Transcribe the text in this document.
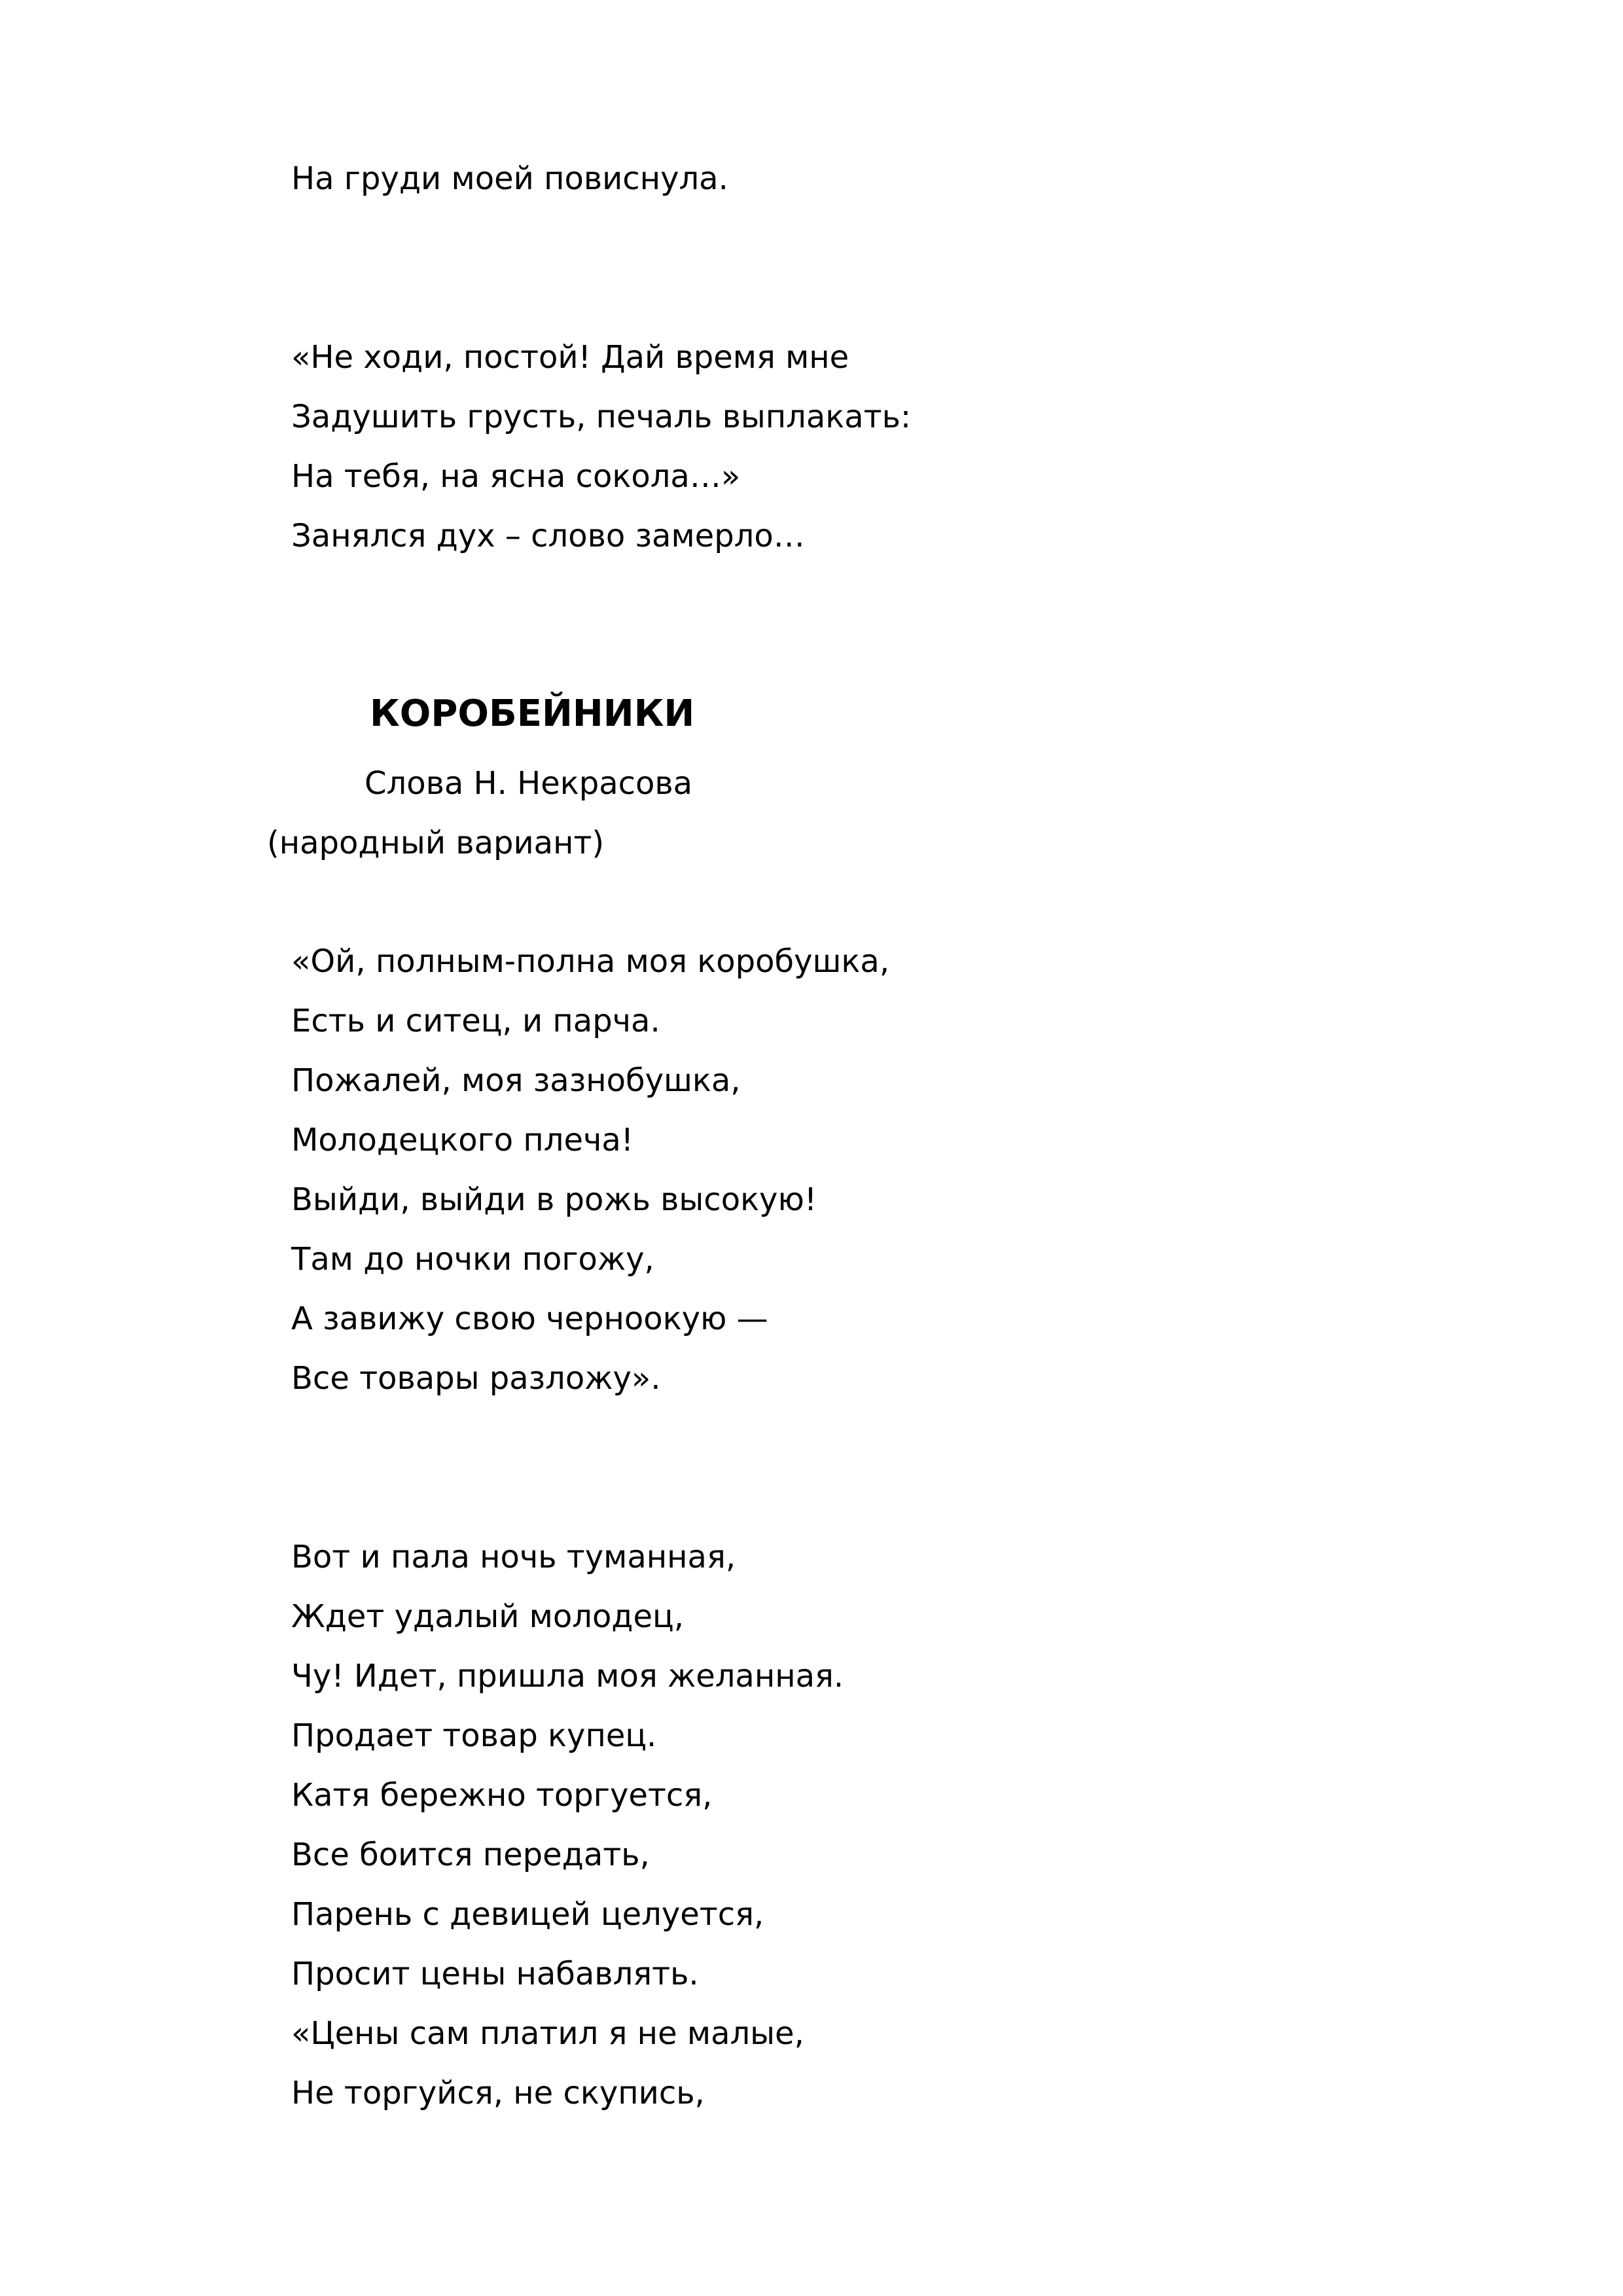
На груди моей повиснула.
«Не ходи, постой! Дай время мне
Задушить грусть, печаль выплакать:
На тебя, на ясна сокола…»
Занялся дух – слово замерло…
КОРОБЕЙНИКИ
Слова Н. Некрасова
(народный вариант)
«Ой, полным-полна моя коробушка,
Есть и ситец, и парча.
Пожалей, моя зазнобушка,
Молодецкого плеча!
Выйди, выйди в рожь высокую!
Там до ночки погожу,
А завижу свою черноокую —
Все товары разложу».
Вот и пала ночь туманная,
Ждет удалый молодец,
Чу! Идет, пришла моя желанная.
Продает товар купец.
Катя бережно торгуется,
Все боится передать,
Парень с девицей целуется,
Просит цены набавлять.
«Цены сам платил я не малые,
Не торгуйся, не скупись,
